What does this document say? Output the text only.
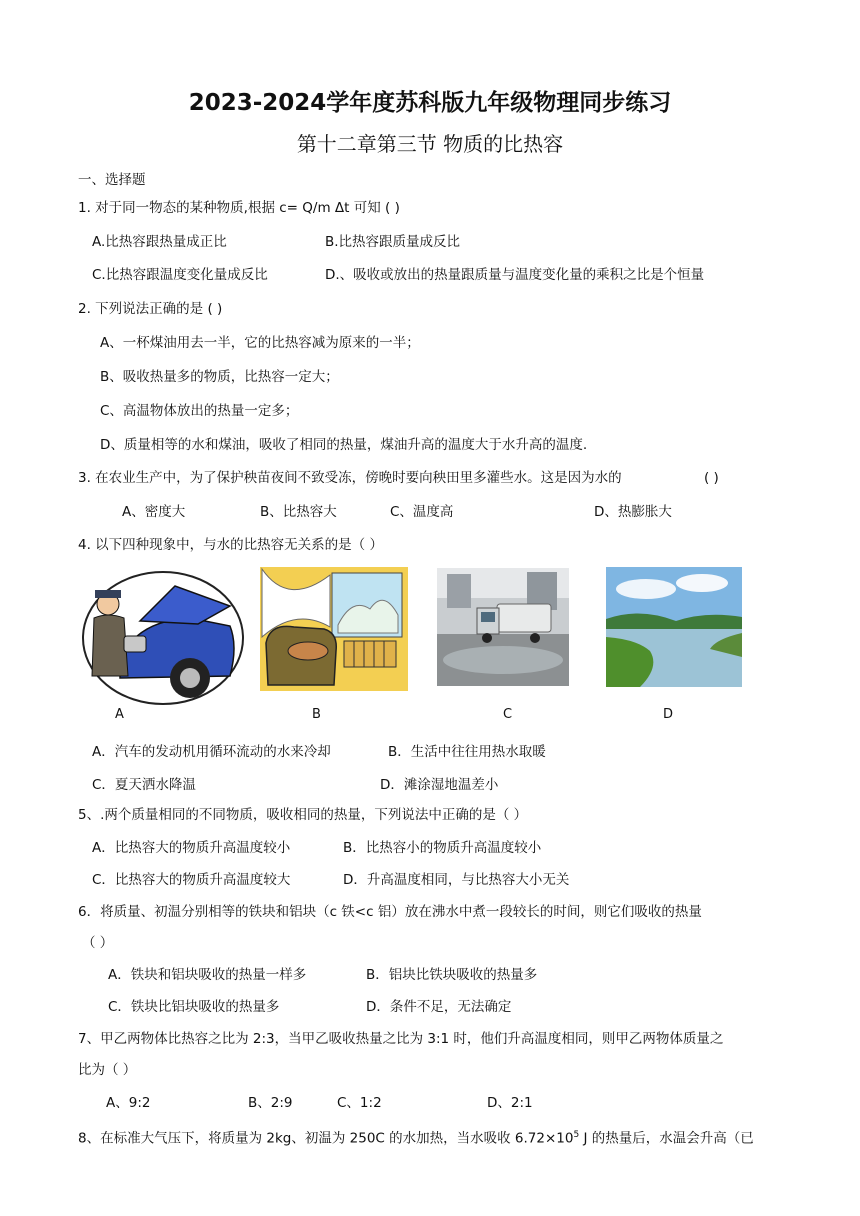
2023-2024学年度苏科版九年级物理同步练习
第十二章第三节 物质的比热容
一、选择题
1. 对于同一物态的某种物质,根据 c= Q/m Δt 可知 ( )
A.比热容跟热量成正比	B.比热容跟质量成反比
C.比热容跟温度变化量成反比	D.、吸收或放出的热量跟质量与温度变化量的乘积之比是个恒量
2. 下列说法正确的是 ( )
A、一杯煤油用去一半，它的比热容减为原来的一半；
B、吸收热量多的物质，比热容一定大；
C、高温物体放出的热量一定多；
D、质量相等的水和煤油，吸收了相同的热量，煤油升高的温度大于水升高的温度.
3. 在农业生产中，为了保护秧苗夜间不致受冻，傍晚时要向秧田里多灌些水。这是因为水的	( )
A、密度大	B、比热容大	C、温度高	D、热膨胀大
4. 以下四种现象中，与水的比热容无关系的是（ ）
A	B	C	D
A．汽车的发动机用循环流动的水来冷却	B．生活中往往用热水取暖
C．夏天洒水降温	D．滩涂湿地温差小
5、.两个质量相同的不同物质，吸收相同的热量，下列说法中正确的是（ ）
A．比热容大的物质升高温度较小	B．比热容小的物质升高温度较小
C．比热容大的物质升高温度较大	D．升高温度相同，与比热容大小无关
6．将质量、初温分别相等的铁块和铝块（c 铁<c 铝）放在沸水中煮一段较长的时间，则它们吸收的热量
（ ）
A．铁块和铝块吸收的热量一样多	B．铝块比铁块吸收的热量多
C．铁块比铝块吸收的热量多	D．条件不足，无法确定
7、甲乙两物体比热容之比为 2:3，当甲乙吸收热量之比为 3:1 时，他们升高温度相同，则甲乙两物体质量之
比为（ ）
A、9:2	B、2:9	C、1:2	D、2:1
8、在标准大气压下，将质量为 2kg、初温为 250C 的水加热，当水吸收 $6.72\times 10^5$ J 的热量后，水温会升高（已
